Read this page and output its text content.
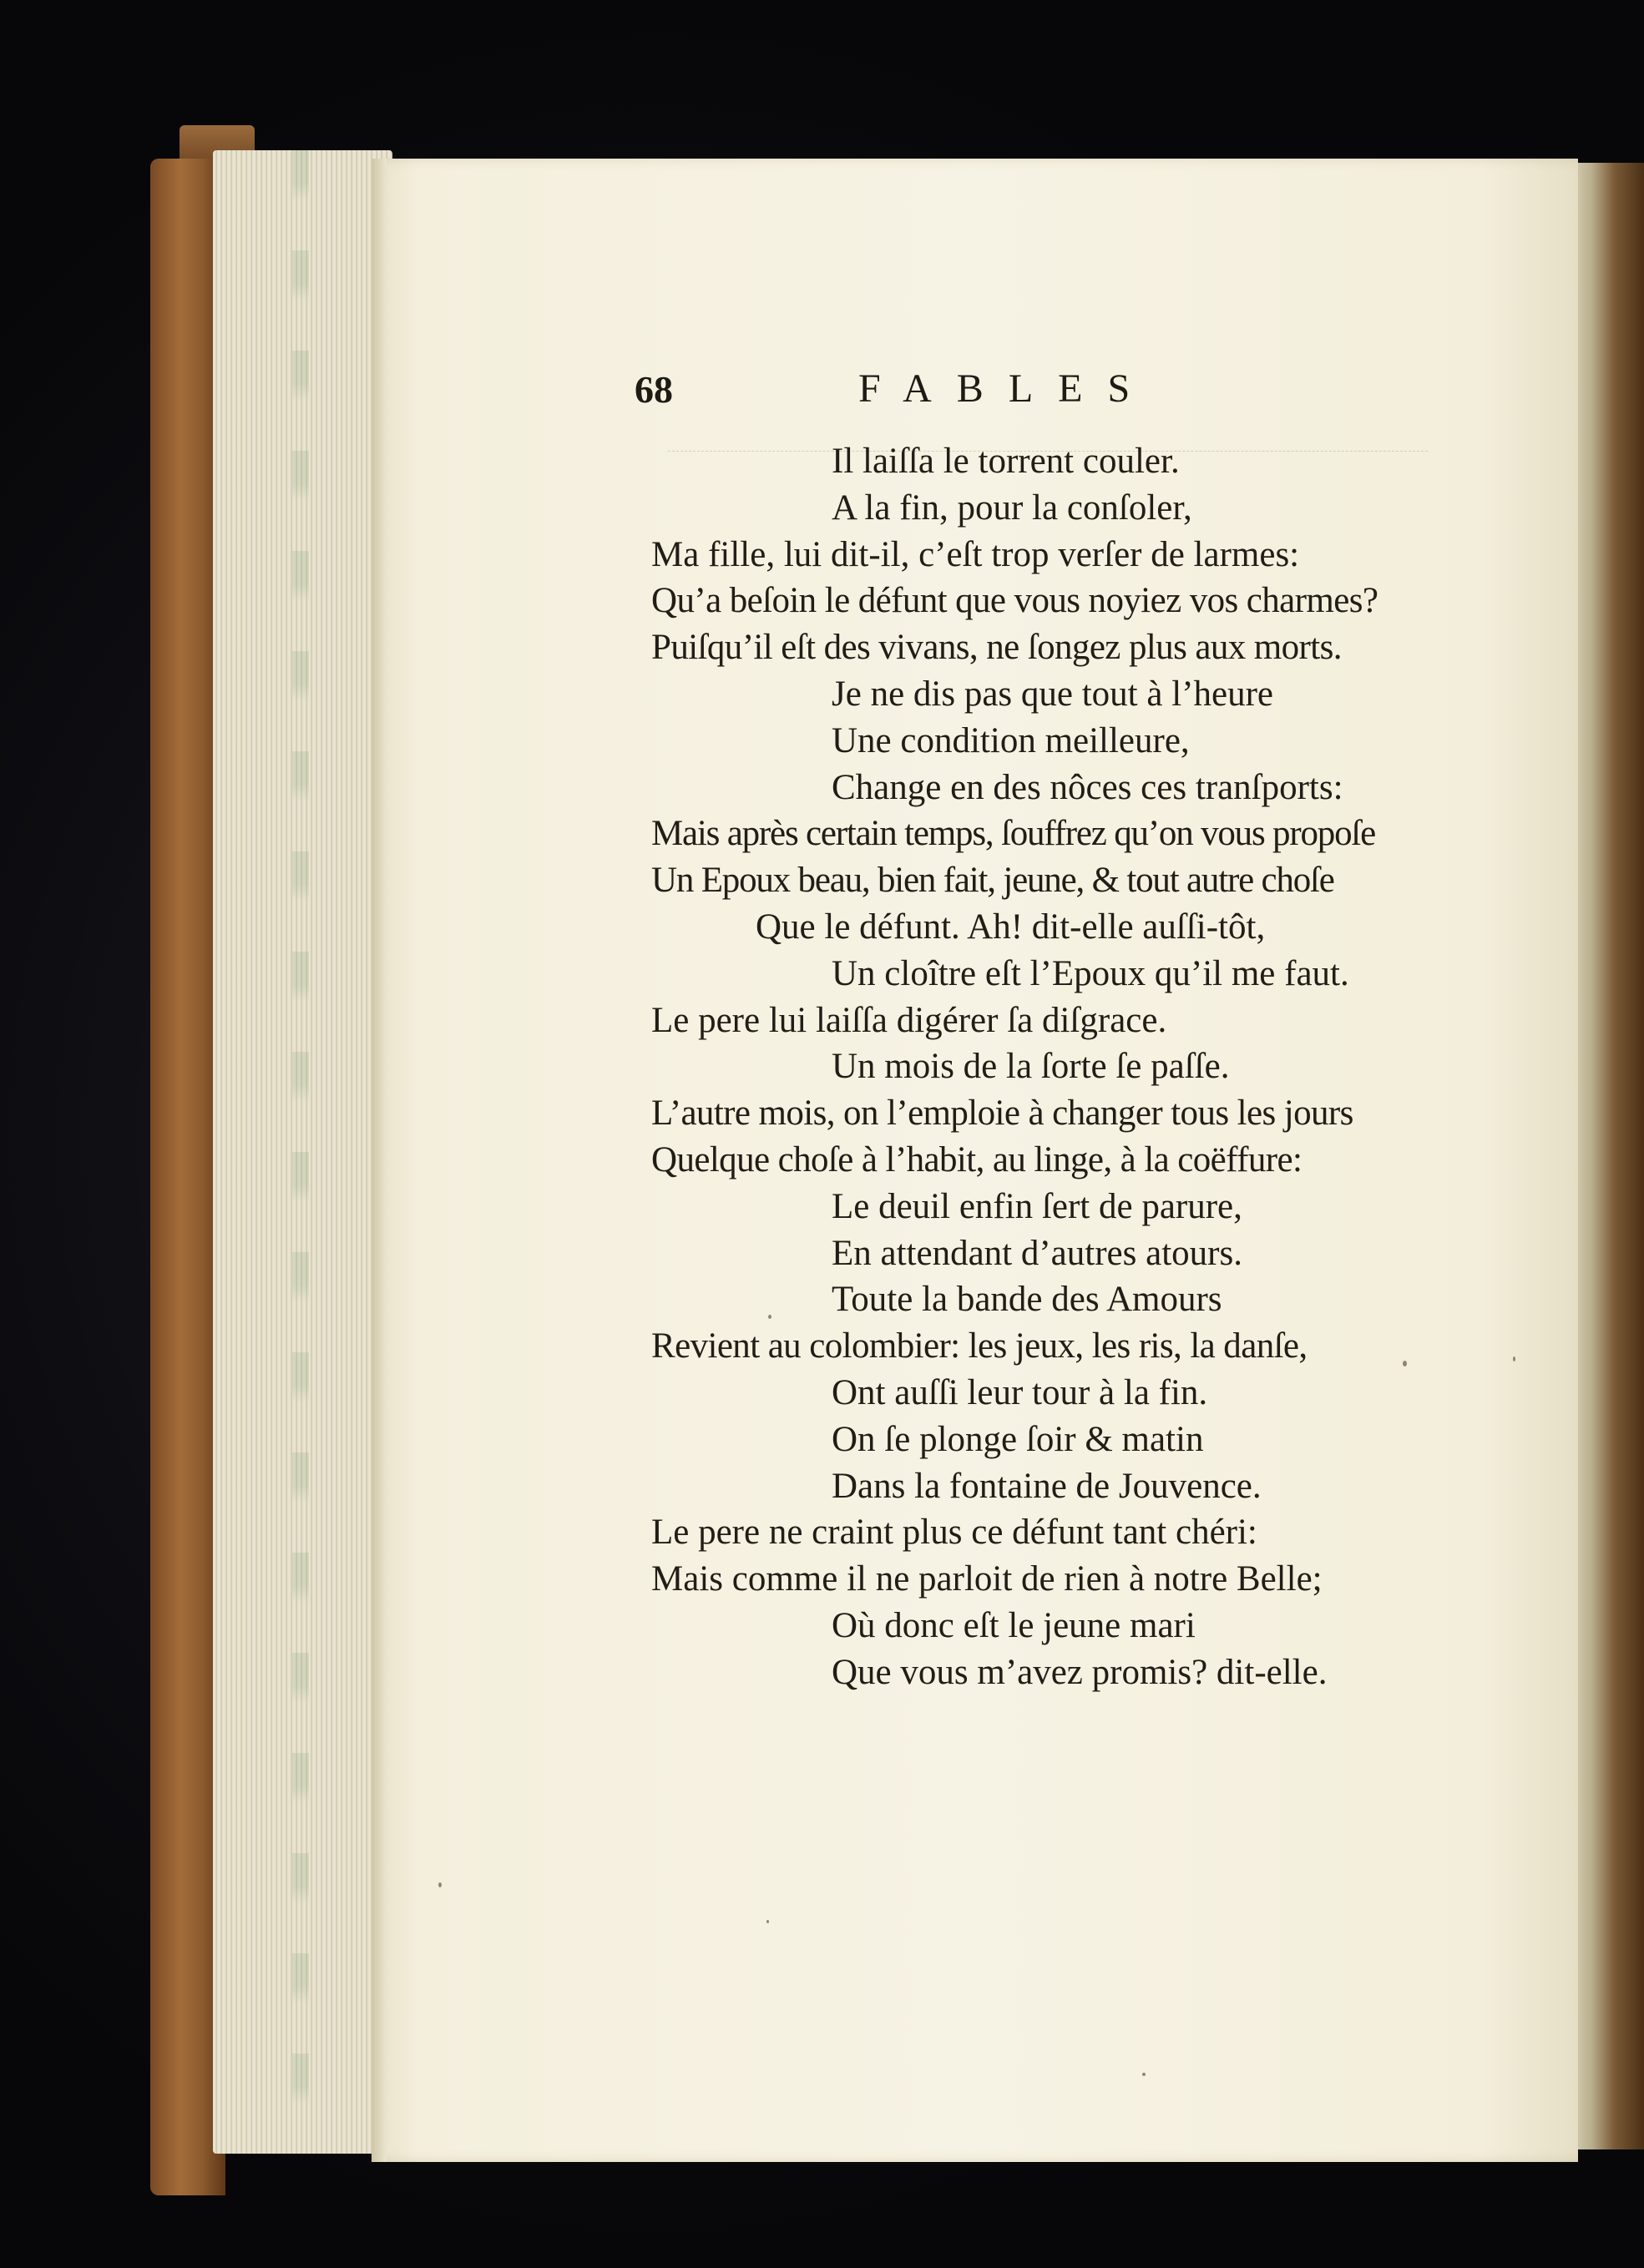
68	FABLES
Il laiſſa le torrent couler.
A la fin, pour la conſoler,
Ma fille, lui dit-il, c’eſt trop verſer de larmes:
Qu’a beſoin le défunt que vous noyiez vos charmes?
Puiſqu’il eſt des vivans, ne ſongez plus aux morts.
Je ne dis pas que tout à l’heure
Une condition meilleure,
Change en des nôces ces tranſports:
Mais après certain temps, ſouffrez qu’on vous propoſe
Un Epoux beau, bien fait, jeune, & tout autre choſe
Que le défunt. Ah! dit-elle auſſi-tôt,
Un cloître eſt l’Epoux qu’il me faut.
Le pere lui laiſſa digérer ſa diſgrace.
Un mois de la ſorte ſe paſſe.
L’autre mois, on l’emploie à changer tous les jours
Quelque choſe à l’habit, au linge, à la coëffure:
Le deuil enfin ſert de parure,
En attendant d’autres atours.
Toute la bande des Amours
Revient au colombier: les jeux, les ris, la danſe,
Ont auſſi leur tour à la fin.
On ſe plonge ſoir & matin
Dans la fontaine de Jouvence.
Le pere ne craint plus ce défunt tant chéri:
Mais comme il ne parloit de rien à notre Belle;
Où donc eſt le jeune mari
Que vous m’avez promis? dit-elle.
